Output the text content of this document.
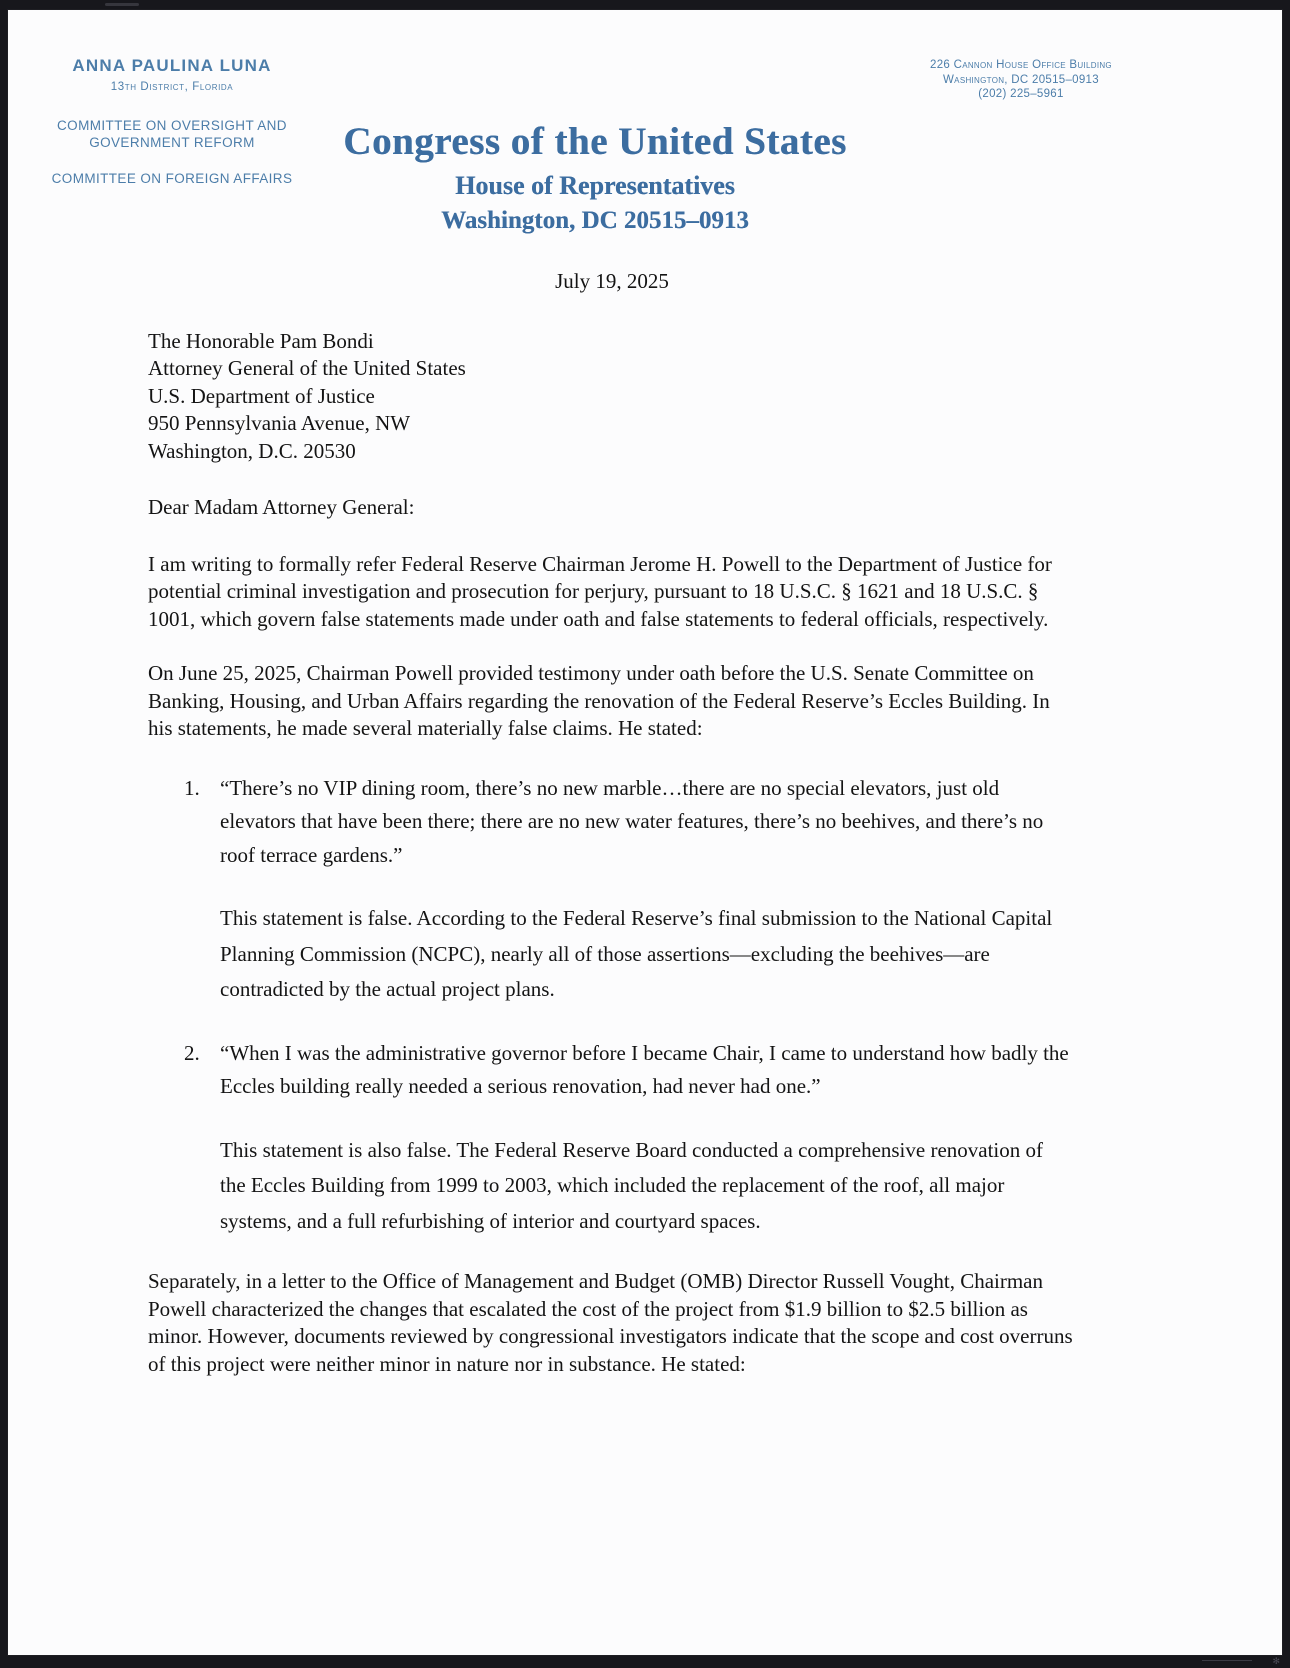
ANNA PAULINA LUNA
13th District, Florida
COMMITTEE ON OVERSIGHT AND GOVERNMENT REFORM
COMMITTEE ON FOREIGN AFFAIRS
226 Cannon House Office Building
Washington, DC 20515–0913
(202) 225–5961
Congress of the United States
House of Representatives
Washington, DC 20515–0913
July 19, 2025
The Honorable Pam Bondi
Attorney General of the United States
U.S. Department of Justice
950 Pennsylvania Avenue, NW
Washington, D.C. 20530
Dear Madam Attorney General:

I am writing to formally refer Federal Reserve Chairman Jerome H. Powell to the Department of Justice for potential criminal investigation and prosecution for perjury, pursuant to 18 U.S.C. § 1621 and 18 U.S.C. § 1001, which govern false statements made under oath and false statements to federal officials, respectively.

On June 25, 2025, Chairman Powell provided testimony under oath before the U.S. Senate Committee on Banking, Housing, and Urban Affairs regarding the renovation of the Federal Reserve’s Eccles Building. In his statements, he made several materially false claims. He stated:

1. “There’s no VIP dining room, there’s no new marble…there are no special elevators, just old elevators that have been there; there are no new water features, there’s no beehives, and there’s no roof terrace gardens.”
This statement is false. According to the Federal Reserve’s final submission to the National Capital Planning Commission (NCPC), nearly all of those assertions—excluding the beehives—are contradicted by the actual project plans.
2. “When I was the administrative governor before I became Chair, I came to understand how badly the Eccles building really needed a serious renovation, had never had one.”
This statement is also false. The Federal Reserve Board conducted a comprehensive renovation of the Eccles Building from 1999 to 2003, which included the replacement of the roof, all major systems, and a full refurbishing of interior and courtyard spaces.

Separately, in a letter to the Office of Management and Budget (OMB) Director Russell Vought, Chairman Powell characterized the changes that escalated the cost of the project from $1.9 billion to $2.5 billion as minor. However, documents reviewed by congressional investigators indicate that the scope and cost overruns of this project were neither minor in nature nor in substance. He stated:

✻
